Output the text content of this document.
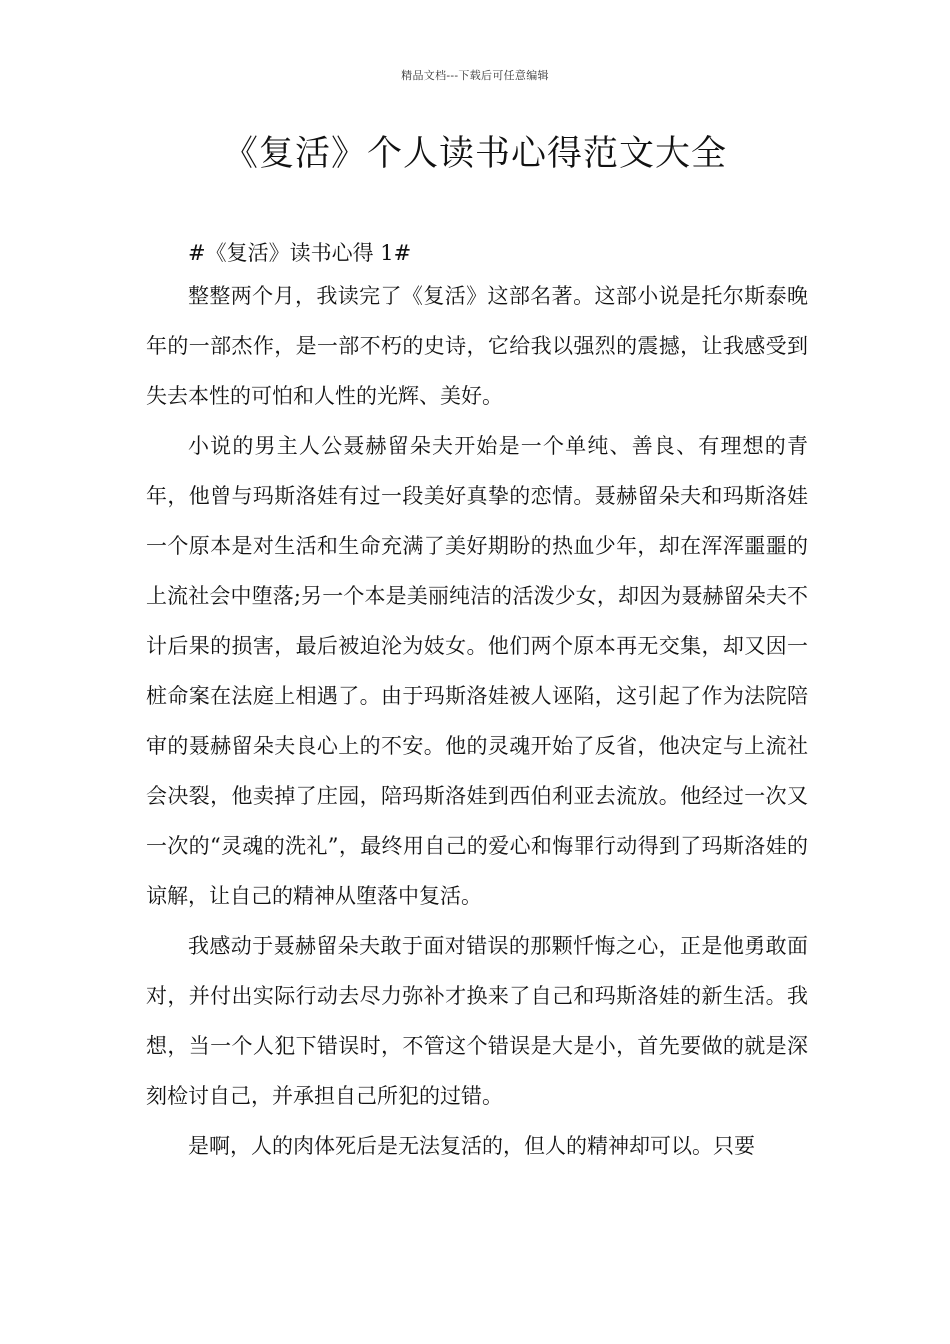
精品文档---下载后可任意编辑
《复活》个人读书心得范文大全

#《复活》读书心得 1#

整整两个月，我读完了《复活》这部名著。这部小说是托尔斯泰晚年的一部杰作，是一部不朽的史诗，它给我以强烈的震撼，让我感受到失去本性的可怕和人性的光辉、美好。

小说的男主人公聂赫留朵夫开始是一个单纯、善良、有理想的青年，他曾与玛斯洛娃有过一段美好真挚的恋情。聂赫留朵夫和玛斯洛娃一个原本是对生活和生命充满了美好期盼的热血少年，却在浑浑噩噩的上流社会中堕落;另一个本是美丽纯洁的活泼少女，却因为聂赫留朵夫不计后果的损害，最后被迫沦为妓女。他们两个原本再无交集，却又因一桩命案在法庭上相遇了。由于玛斯洛娃被人诬陷，这引起了作为法院陪审的聂赫留朵夫良心上的不安。他的灵魂开始了反省，他决定与上流社会决裂，他卖掉了庄园，陪玛斯洛娃到西伯利亚去流放。他经过一次又一次的“灵魂的洗礼”，最终用自己的爱心和悔罪行动得到了玛斯洛娃的谅解，让自己的精神从堕落中复活。

我感动于聂赫留朵夫敢于面对错误的那颗忏悔之心，正是他勇敢面对，并付出实际行动去尽力弥补才换来了自己和玛斯洛娃的新生活。我想，当一个人犯下错误时，不管这个错误是大是小，首先要做的就是深刻检讨自己，并承担自己所犯的过错。

是啊，人的肉体死后是无法复活的，但人的精神却可以。只要
